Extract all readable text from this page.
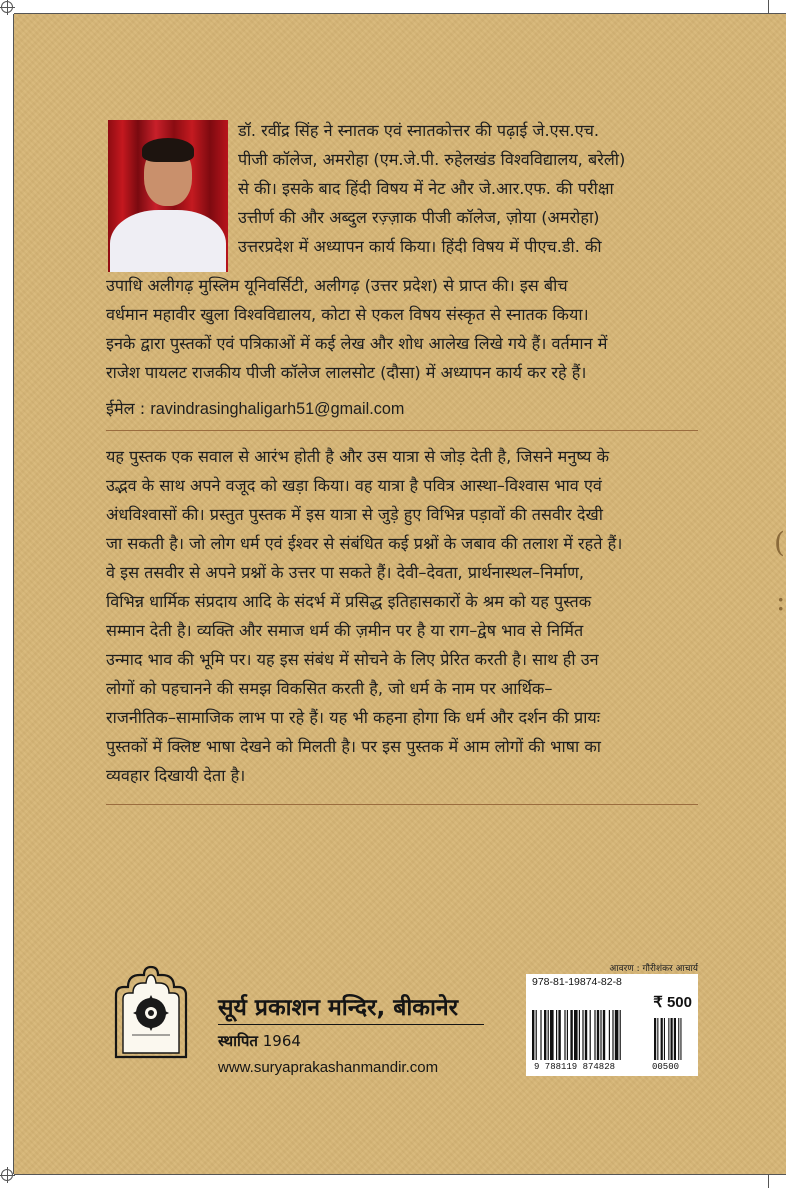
डॉ. रवींद्र सिंह ने स्नातक एवं स्नातकोत्तर की पढ़ाई जे.एस.एच.
पीजी कॉलेज, अमरोहा (एम.जे.पी. रुहेलखंड विश्वविद्यालय, बरेली)
से की। इसके बाद हिंदी विषय में नेट और जे.आर.एफ. की परीक्षा
उत्तीर्ण की और अब्दुल रज़्ज़ाक पीजी कॉलेज, ज़ोया (अमरोहा)
उत्तरप्रदेश में अध्यापन कार्य किया। हिंदी विषय में पीएच.डी. की
उपाधि अलीगढ़ मुस्लिम यूनिवर्सिटी, अलीगढ़ (उत्तर प्रदेश) से प्राप्त की। इस बीच
वर्धमान महावीर खुला विश्वविद्यालय, कोटा से एकल विषय संस्कृत से स्नातक किया।
इनके द्वारा पुस्तकों एवं पत्रिकाओं में कई लेख और शोध आलेख लिखे गये हैं। वर्तमान में
राजेश पायलट राजकीय पीजी कॉलेज लालसोट (दौसा) में अध्यापन कार्य कर रहे हैं।
ईमेल : ravindrasinghaligarh51@gmail.com
यह पुस्तक एक सवाल से आरंभ होती है और उस यात्रा से जोड़ देती है, जिसने मनुष्य के
उद्भव के साथ अपने वजूद को खड़ा किया। वह यात्रा है पवित्र आस्था–विश्वास भाव एवं
अंधविश्वासों की। प्रस्तुत पुस्तक में इस यात्रा से जुड़े हुए विभिन्न पड़ावों की तसवीर देखी
जा सकती है। जो लोग धर्म एवं ईश्वर से संबंधित कई प्रश्नों के जबाव की तलाश में रहते हैं।
वे इस तसवीर से अपने प्रश्नों के उत्तर पा सकते हैं। देवी–देवता, प्रार्थनास्थल–निर्माण,
विभिन्न धार्मिक संप्रदाय आदि के संदर्भ में प्रसिद्ध इतिहासकारों के श्रम को यह पुस्तक
सम्मान देती है। व्यक्ति और समाज धर्म की ज़मीन पर है या राग–द्वेष भाव से निर्मित
उन्माद भाव की भूमि पर। यह इस संबंध में सोचने के लिए प्रेरित करती है। साथ ही उन
लोगों को पहचानने की समझ विकसित करती है, जो धर्म के नाम पर आर्थिक–
राजनीतिक–सामाजिक लाभ पा रहे हैं। यह भी कहना होगा कि धर्म और दर्शन की प्रायः
पुस्तकों में क्लिष्ट भाषा देखने को मिलती है। पर इस पुस्तक में आम लोगों की भाषा का
व्यवहार दिखायी देता है।
(
:
सूर्य प्रकाशन मन्दिर, बीकानेर
स्थापित 1964
www.suryaprakashanmandir.com
आवरण : गौरीशंकर आचार्य
978-81-19874-82-8
₹ 500
9 788119 874828	00500
